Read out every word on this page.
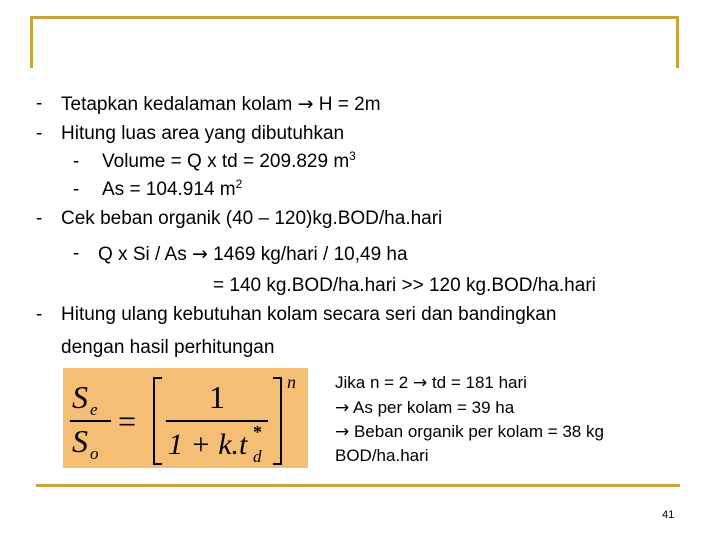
- Tetapkan kedalaman kolam → H = 2m
- Hitung luas area yang dibutuhkan
- Volume = Q x td = 209.829 $m^3$
- As = 104.914 $m^2$
- Cek beban organik (40 – 120)kg.BOD/ha.hari
- Q x Si / As → 1469 kg/hari / 10,49 ha
= 140 kg.BOD/ha.hari >> 120 kg.BOD/ha.hari
- Hitung ulang kebutuhan kolam secara seri dan bandingkan
dengan hasil perhitungan
S e
S o
=
1
1 + k.t *
d
n Jika n = 2 → td = 181 hari
→ As per kolam = 39 ha
→ Beban organik per kolam = 38 kg
BOD/ha.hari
41
